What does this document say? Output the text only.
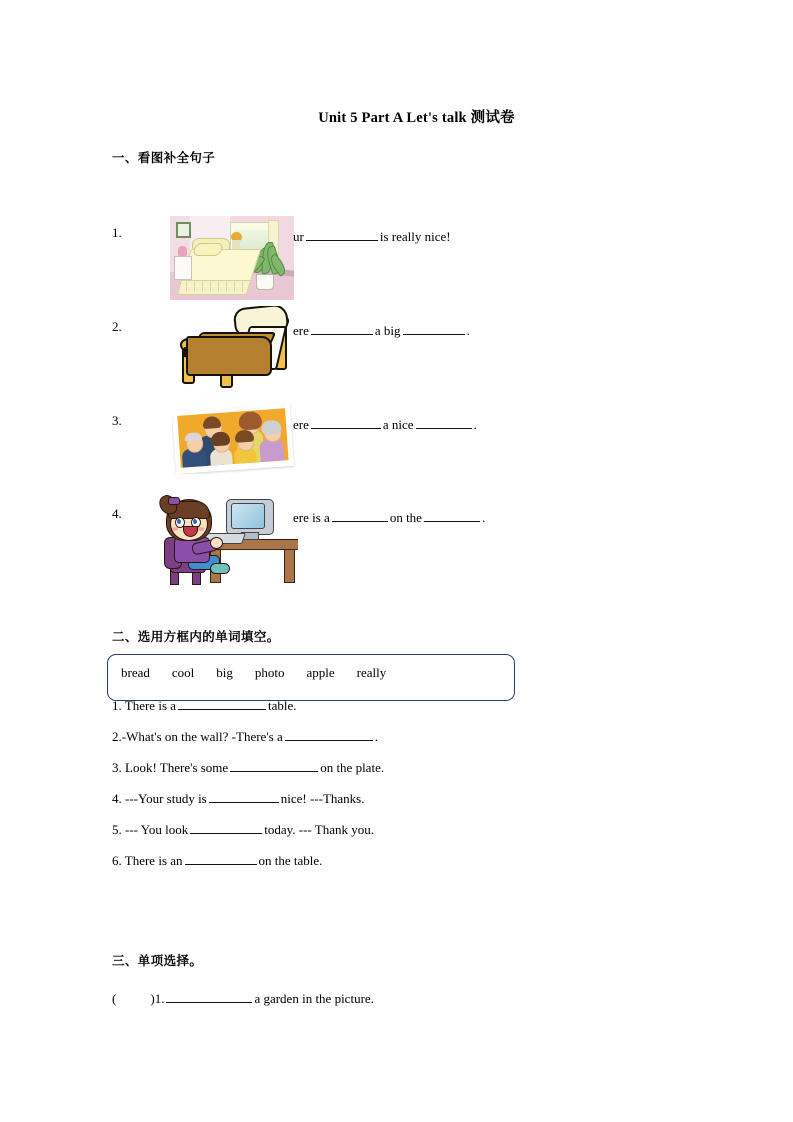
Unit 5 Part A Let's talk 测试卷
一、看图补全句子
1.	ur	is really nice!
2.	ere	a big	.
3.	ere	a nice	.
4.	ere is a	on the	.
二、选用方框内的单词填空。
bread cool big photo apple really
1. There is a	table.
2.-What's on the wall? -There's a	.
3. Look! There's some	on the plate.
4. ---Your study is	nice! ---Thanks.
5. --- You look	today. --- Thank you.
6. There is an	on the table.
三、单项选择。
(	)1.	a garden in the picture.
